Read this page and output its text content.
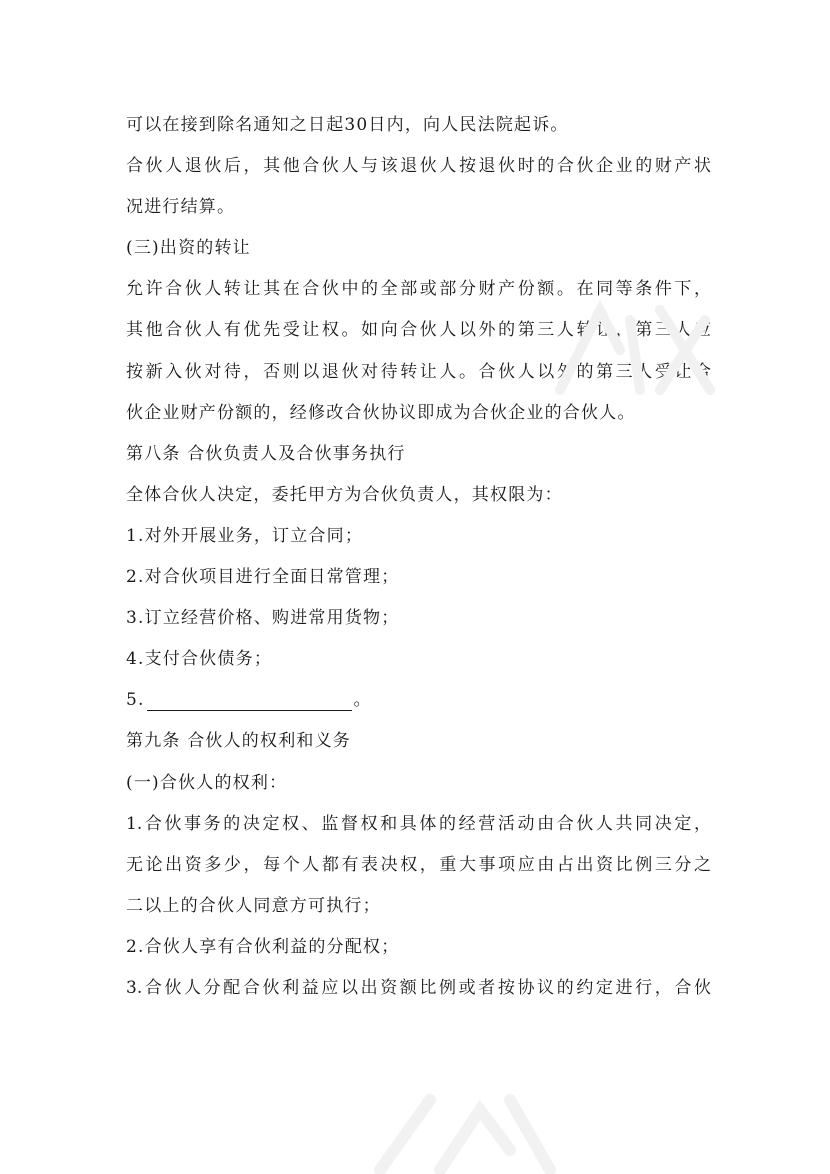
可以在接到除名通知之日起30日内，向人民法院起诉。
合伙人退伙后，其他合伙人与该退伙人按退伙时的合伙企业的财产状
况进行结算。
(三)出资的转让
允许合伙人转让其在合伙中的全部或部分财产份额。在同等条件下，
其他合伙人有优先受让权。如向合伙人以外的第三人转让，第三人应
按新入伙对待，否则以退伙对待转让人。合伙人以外的第三人受让合
伙企业财产份额的，经修改合伙协议即成为合伙企业的合伙人。
第八条 合伙负责人及合伙事务执行
全体合伙人决定，委托甲方为合伙负责人，其权限为：
1.对外开展业务，订立合同；
2.对合伙项目进行全面日常管理；
3.订立经营价格、购进常用货物；
4.支付合伙债务；
5.	。
第九条 合伙人的权利和义务
(一)合伙人的权利：
1.合伙事务的决定权、监督权和具体的经营活动由合伙人共同决定，
无论出资多少，每个人都有表决权，重大事项应由占出资比例三分之
二以上的合伙人同意方可执行；
2.合伙人享有合伙利益的分配权；
3.合伙人分配合伙利益应以出资额比例或者按协议的约定进行，合伙
